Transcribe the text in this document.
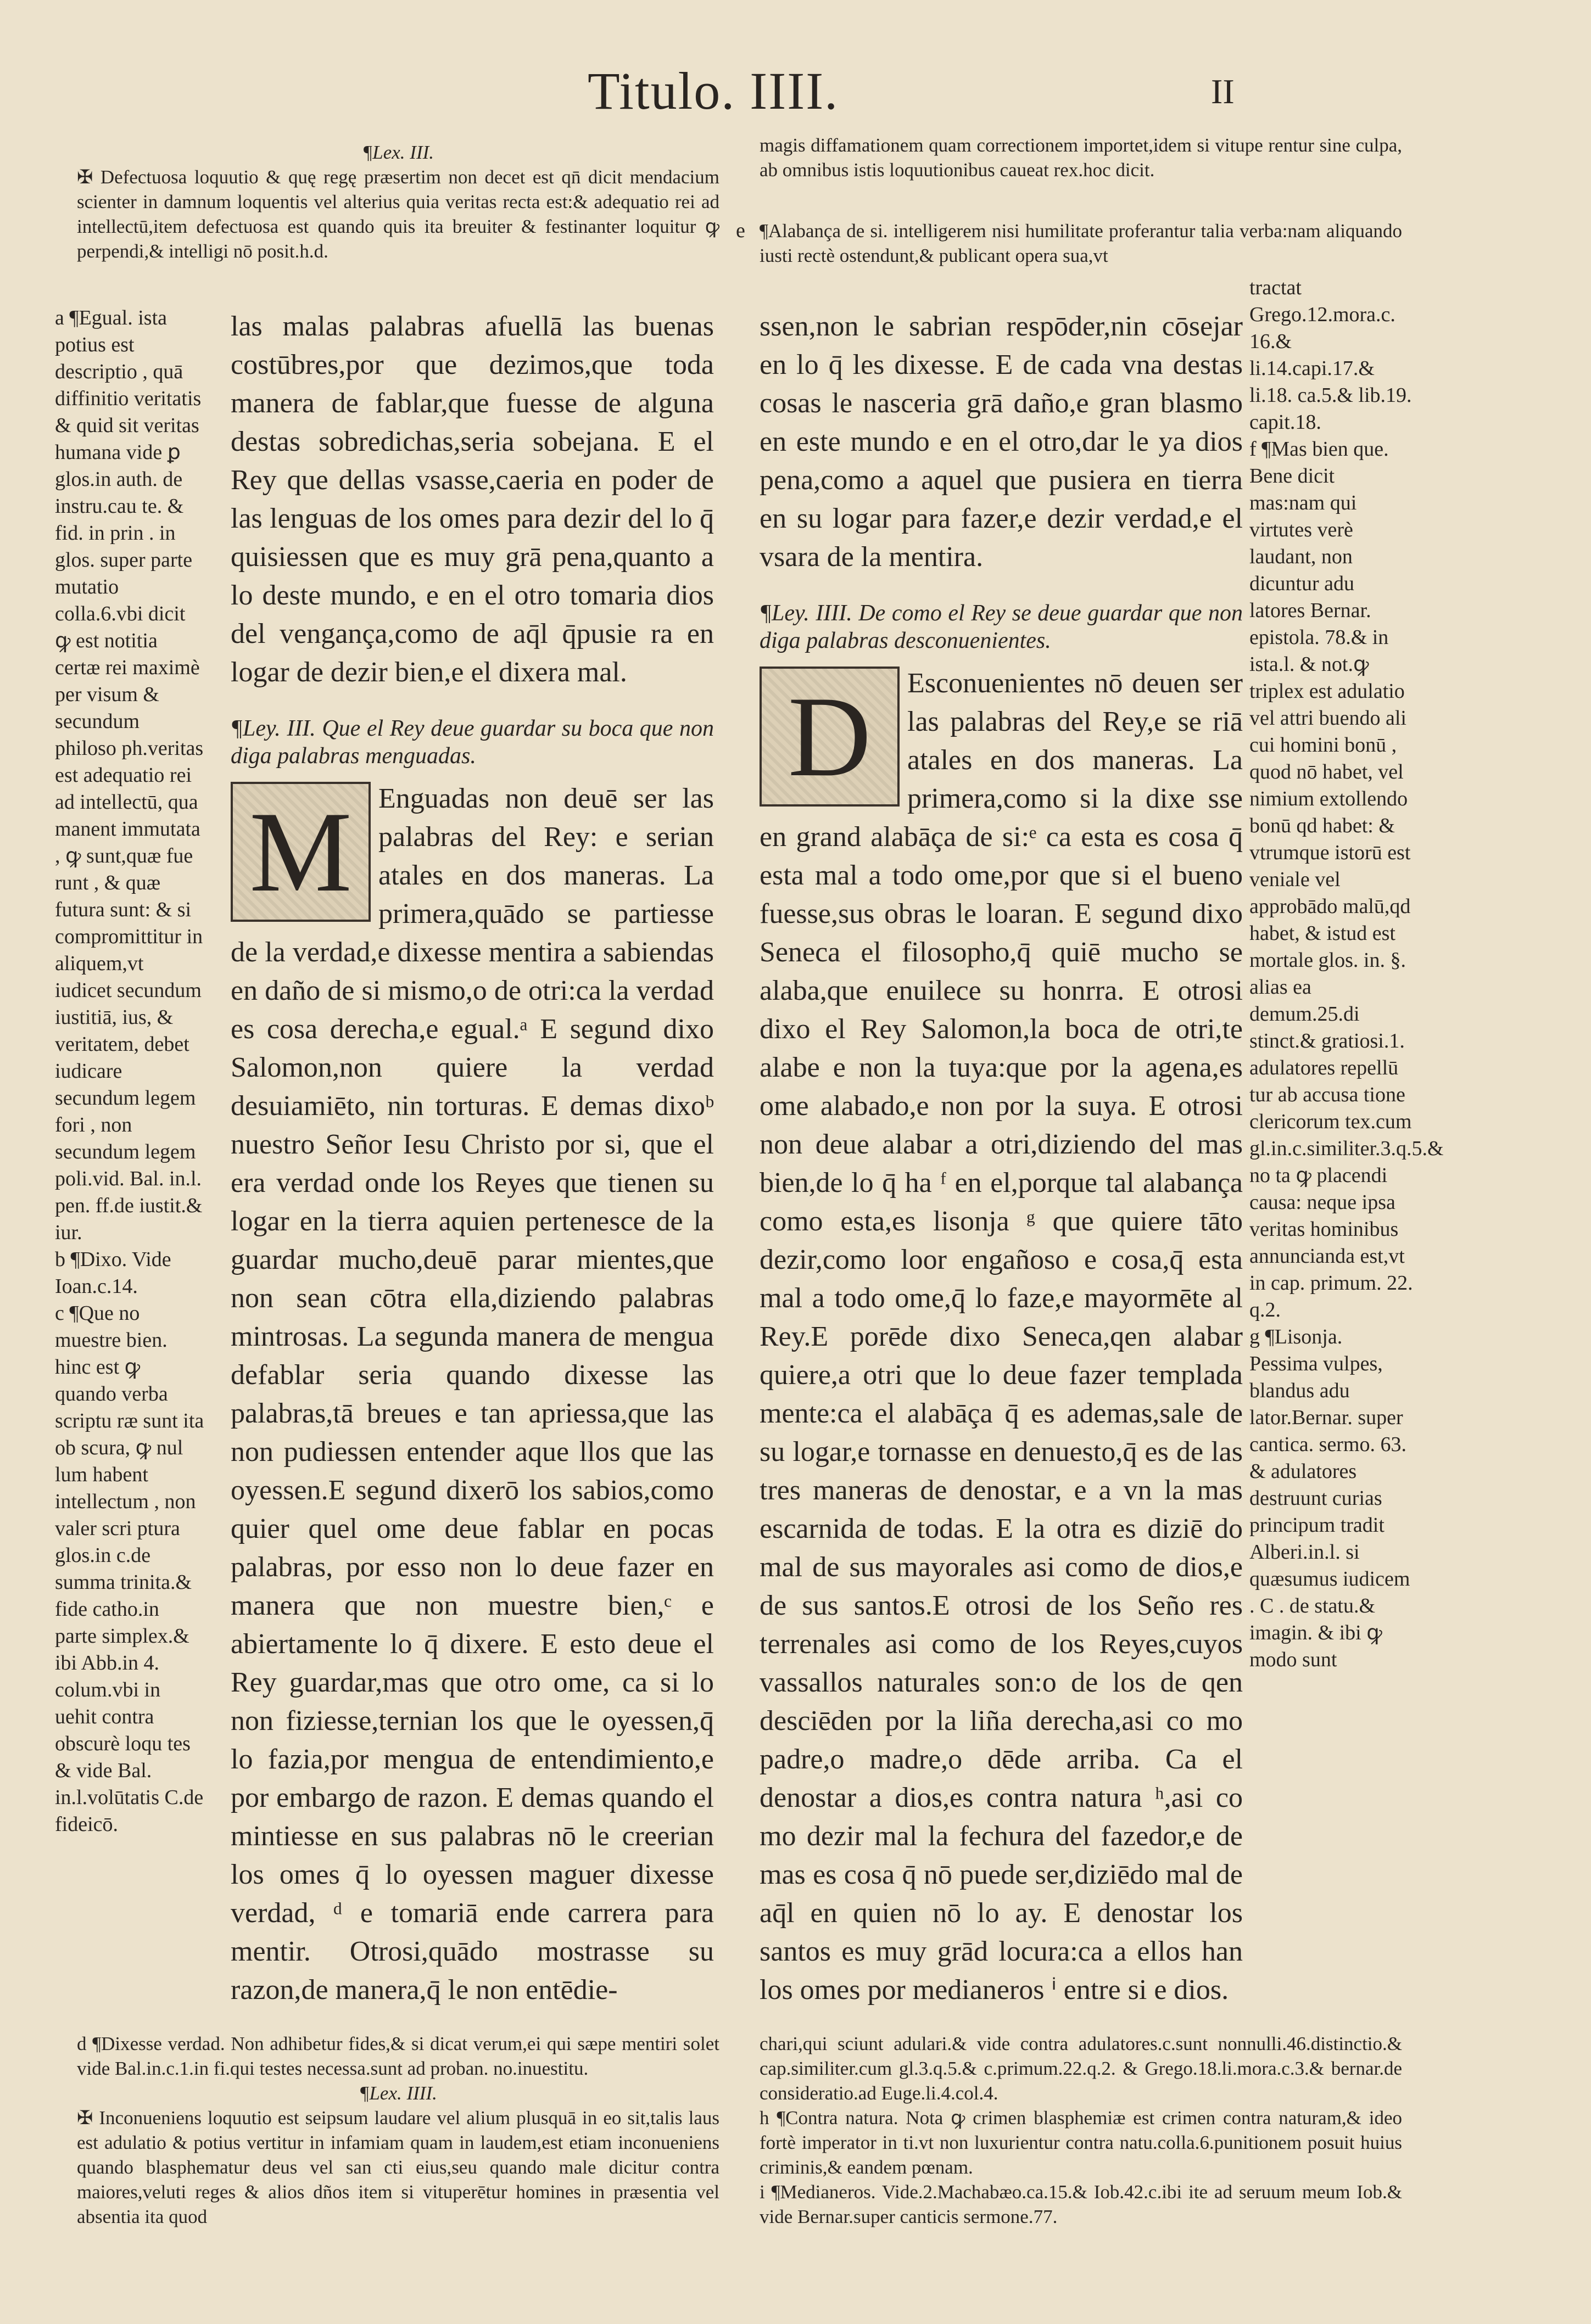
Titulo. IIII.	II

¶Lex. III.

✠ Defectuosa loquutio & quę regę præsertim non decet est qn̄ dicit mendacium scienter in damnum loquentis vel alterius quia veritas recta est:& adequatio rei ad intellectū,item defectuosa est quando quis ita breuiter & festinanter loquitur ꝙ perpendi,& intelligi nō posit.h.d.

magis diffamationem quam correctionem importet,idem si vitupe rentur sine culpa, ab omnibus istis loquutionibus caueat rex.hoc dicit.

e ¶Alabança de si. intelligerem nisi humilitate proferantur talia verba:nam aliquando iusti rectè ostendunt,& publicant opera sua,vt

a ¶Egual. ista potius est descriptio , quā diffinitio veritatis & quid sit veritas humana vide ꝑ glos.in auth. de instru.cau te. & fid. in prin . in glos. super parte mutatio colla.6.vbi dicit ꝙ est notitia certæ rei maximè per visum & secundum philoso ph.veritas est adequatio rei ad intellectū, qua manent immutata , ꝙ sunt,quæ fue runt , & quæ futura sunt: & si compromittitur in aliquem,vt iudicet secundum iustitiā, ius, & veritatem, debet iudicare secundum legem fori , non secundum legem poli.vid. Bal. in.l. pen. ff.de iustit.& iur.

b ¶Dixo. Vide Ioan.c.14.

c ¶Que no muestre bien. hinc est ꝙ quando verba scriptu ræ sunt ita ob scura, ꝙ nul lum habent intellectum , non valer scri ptura glos.in c.de summa trinita.& fide catho.in parte simplex.& ibi Abb.in 4. colum.vbi in uehit contra obscurè loqu tes & vide Bal. in.l.volūtatis C.de fideicō.

tractat Grego.12.mora.c. 16.& li.14.capi.17.& li.18. ca.5.& lib.19. capit.18.

f ¶Mas bien que. Bene dicit mas:nam qui virtutes verè laudant, non dicuntur adu latores Bernar. epistola. 78.& in ista.l. & not.ꝙ triplex est adulatio vel attri buendo ali cui homini bonū , quod nō habet, vel nimium extollendo bonū qd habet: & vtrumque istorū est veniale vel approbādo malū,qd habet, & istud est mortale glos. in. §. alias ea demum.25.di stinct.& gratiosi.1. adulatores repellū tur ab accusa tione clericorum tex.cum gl.in.c.similiter.3.q.5.& no ta ꝙ placendi causa: neque ipsa veritas hominibus annuncianda est,vt in cap. primum. 22. q.2.

g ¶Lisonja. Pessima vulpes, blandus adu lator.Bernar. super cantica. sermo. 63. & adulatores destruunt curias principum tradit Alberi.in.l. si quæsumus iudicem . C . de statu.& imagin. & ibi ꝙ modo sunt

las malas palabras afuellā las buenas costūbres,por que dezimos,que toda manera de fablar,que fuesse de alguna destas sobredichas,seria sobejana. E el Rey que dellas vsasse,caeria en poder de las lenguas de los omes para dezir del lo q̄ quisiessen que es muy grā pena,quanto a lo deste mundo, e en el otro tomaria dios del vengança,como de aq̄l q̄pusie ra en logar de dezir bien,e el dixera mal.

¶Ley. III. Que el Rey deue guardar su boca que non diga palabras menguadas.

M Enguadas non deuē ser las palabras del Rey: e serian atales en dos maneras. La primera,quādo se partiesse de la verdad,e dixesse mentira a sabiendas en daño de si mismo,o de otri:ca la verdad es cosa derecha,e egual.ᵃ E segund dixo Salomon,non quiere la verdad desuiamiēto, nin torturas. E demas dixoᵇ nuestro Señor Iesu Christo por si, que el era verdad onde los Reyes que tienen su logar en la tierra aquien pertenesce de la guardar mucho,deuē parar mientes,que non sean cōtra ella,diziendo palabras mintrosas. La segunda manera de mengua defablar seria quando dixesse las palabras,tā breues e tan apriessa,que las non pudiessen entender aque llos que las oyessen.E segund dixerō los sabios,como quier quel ome deue fablar en pocas palabras, por esso non lo deue fazer en manera que non muestre bien,ᶜ e abiertamente lo q̄ dixere. E esto deue el Rey guardar,mas que otro ome, ca si lo non fiziesse,ternian los que le oyessen,q̄ lo fazia,por mengua de entendimiento,e por embargo de razon. E demas quando el mintiesse en sus palabras nō le creerian los omes q̄ lo oyessen maguer dixesse verdad, ᵈ e tomariā ende carrera para mentir. Otrosi,quādo mostrasse su razon,de manera,q̄ le non entēdie-

ssen,non le sabrian respōder,nin cōsejar en lo q̄ les dixesse. E de cada vna destas cosas le nasceria grā daño,e gran blasmo en este mundo e en el otro,dar le ya dios pena,como a aquel que pusiera en tierra en su logar para fazer,e dezir verdad,e el vsara de la mentira.

¶Ley. IIII. De como el Rey se deue guardar que non diga palabras desconuenientes.

D	Esconuenientes nō deuen ser las palabras del Rey,e se riā atales en dos maneras. La primera,como si la dixe sse en grand alabāça de si:ᵉ ca esta es cosa q̄ esta mal a todo ome,por que si el bueno fuesse,sus obras le loaran. E segund dixo Seneca el filosopho,q̄ quiē mucho se alaba,que enuilece su honrra. E otrosi dixo el Rey Salomon,la boca de otri,te alabe e non la tuya:que por la agena,es ome alabado,e non por la suya. E otrosi non deue alabar a otri,diziendo del mas bien,de lo q̄ ha ᶠ en el,porque tal alabança como esta,es lisonja ᵍ que quiere tāto dezir,como loor engañoso e cosa,q̄ esta mal a todo ome,q̄ lo faze,e mayormēte al Rey.E porēde dixo Seneca,qen alabar quiere,a otri que lo deue fazer templada mente:ca el alabāça q̄ es ademas,sale de su logar,e tornasse en denuesto,q̄ es de las tres maneras de denostar, e a vn la mas escarnida de todas. E la otra es diziē do mal de sus mayorales asi como de dios,e de sus santos.E otrosi de los Seño res terrenales asi como de los Reyes,cuyos vassallos naturales son:o de los de qen desciēden por la liña derecha,asi co mo padre,o madre,o dēde arriba. Ca el denostar a dios,es contra natura ʰ,asi co mo dezir mal la fechura del fazedor,e de mas es cosa q̄ nō puede ser,diziēdo mal de aq̄l en quien nō lo ay. E denostar los santos es muy grād locura:ca a ellos han los omes por medianeros ⁱ entre si e dios.

d ¶Dixesse verdad. Non adhibetur fides,& si dicat verum,ei qui sæpe mentiri solet vide Bal.in.c.1.in fi.qui testes necessa.sunt ad proban. no.inuestitu.

¶Lex. IIII.

✠ Inconueniens loquutio est seipsum laudare vel alium plusquā in eo sit,talis laus est adulatio & potius vertitur in infamiam quam in laudem,est etiam inconueniens quando blasphematur deus vel san cti eius,seu quando male dicitur contra maiores,veluti reges & alios dños item si vituperētur homines in præsentia vel absentia ita quod

chari,qui sciunt adulari.& vide contra adulatores.c.sunt nonnulli.46.distinctio.& cap.similiter.cum gl.3.q.5.& c.primum.22.q.2. & Grego.18.li.mora.c.3.& bernar.de consideratio.ad Euge.li.4.col.4.

h ¶Contra natura. Nota ꝙ crimen blasphemiæ est crimen contra naturam,& ideo fortè imperator in ti.vt non luxurientur contra natu.colla.6.punitionem posuit huius criminis,& eandem pœnam.

i ¶Medianeros. Vide.2.Machabæo.ca.15.& Iob.42.c.ibi ite ad seruum meum Iob.& vide Bernar.super canticis sermone.77.
